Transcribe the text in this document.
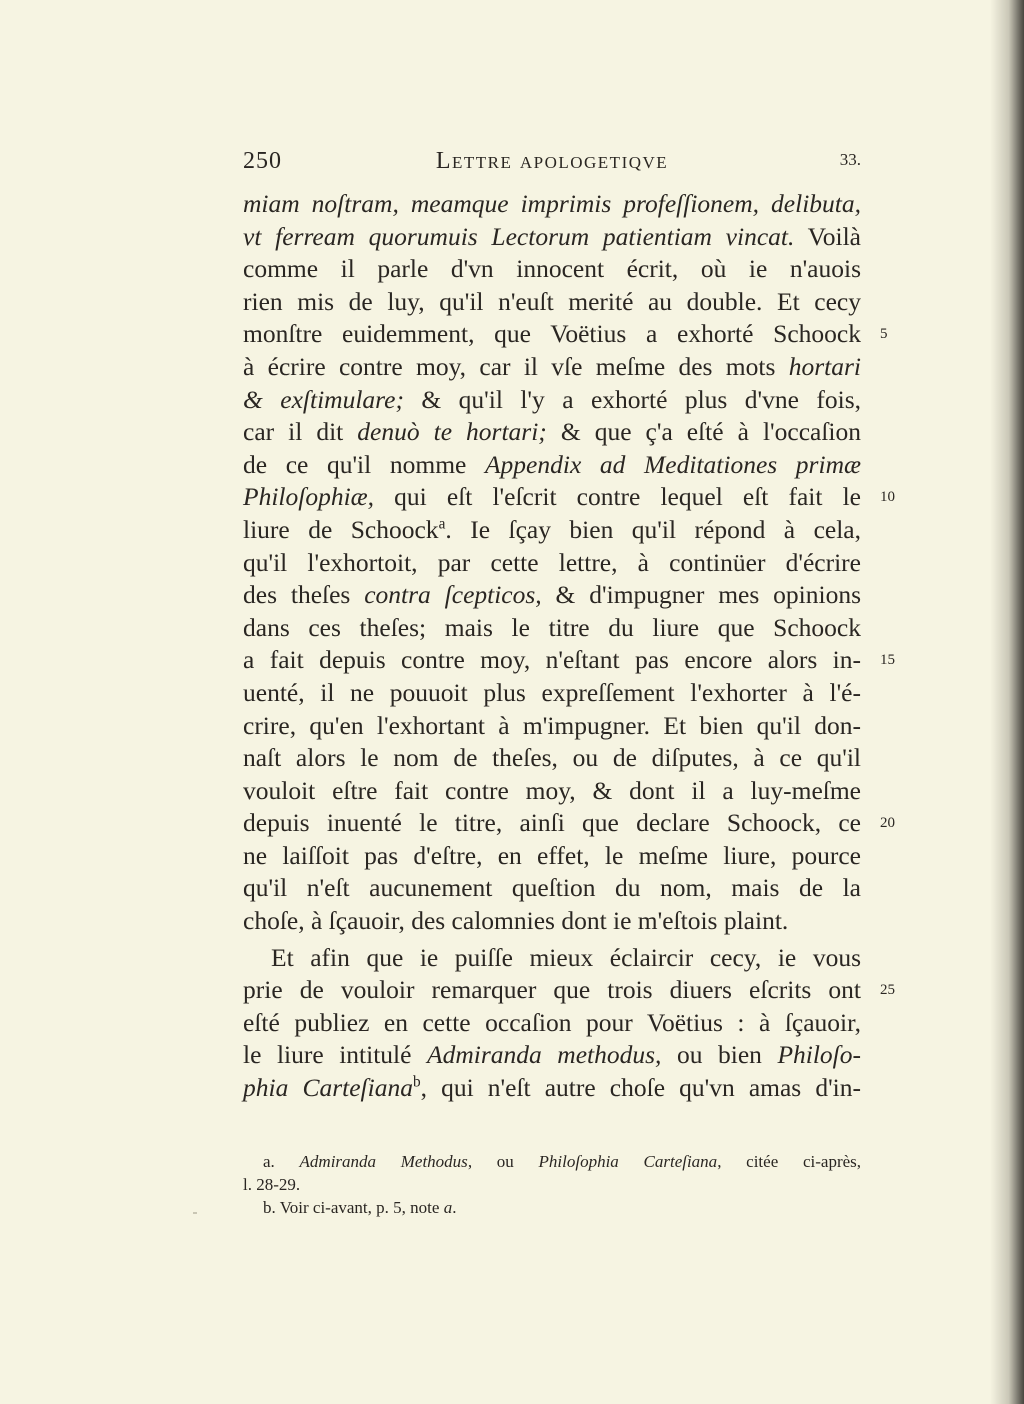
250	Lettre apologetiqve	33.
miam noſtram, meamque imprimis profeſſionem, delibuta,
vt ferream quorumuis Lectorum patientiam vincat. Voilà
comme il parle d'vn innocent écrit, où ie n'auois
rien mis de luy, qu'il n'euſt merité au double. Et cecy
monſtre euidemment, que Voëtius a exhorté Schoock
à écrire contre moy, car il vſe meſme des mots hortari
& exſtimulare; & qu'il l'y a exhorté plus d'vne fois,
car il dit denuò te hortari; & que ç'a eſté à l'occaſion
de ce qu'il nomme Appendix ad Meditationes primæ
Philoſophiæ, qui eſt l'eſcrit contre lequel eſt fait le
liure de Schoock$^a$. Ie ſçay bien qu'il répond à cela,
qu'il l'exhortoit, par cette lettre, à continüer d'écrire
des theſes contra ſcepticos, & d'impugner mes opinions
dans ces theſes; mais le titre du liure que Schoock
a fait depuis contre moy, n'eſtant pas encore alors in-
uenté, il ne pouuoit plus expreſſement l'exhorter à l'é-
crire, qu'en l'exhortant à m'impugner. Et bien qu'il don-
naſt alors le nom de theſes, ou de diſputes, à ce qu'il
vouloit eſtre fait contre moy, & dont il a luy-meſme
depuis inuenté le titre, ainſi que declare Schoock, ce
ne laiſſoit pas d'eſtre, en effet, le meſme liure, pource
qu'il n'eſt aucunement queſtion du nom, mais de la
choſe, à ſçauoir, des calomnies dont ie m'eſtois plaint.
Et afin que ie puiſſe mieux éclaircir cecy, ie vous
prie de vouloir remarquer que trois diuers eſcrits ont
eſté publiez en cette occaſion pour Voëtius : à ſçauoir,
le liure intitulé Admiranda methodus, ou bien Philoſo-
phia Carteſiana$^b$, qui n'eſt autre choſe qu'vn amas d'in-
5
10
15
20
25
a. Admiranda Methodus, ou Philoſophia Carteſiana, citée ci-après,
l. 28-29.
b. Voir ci-avant, p. 5, note a.
